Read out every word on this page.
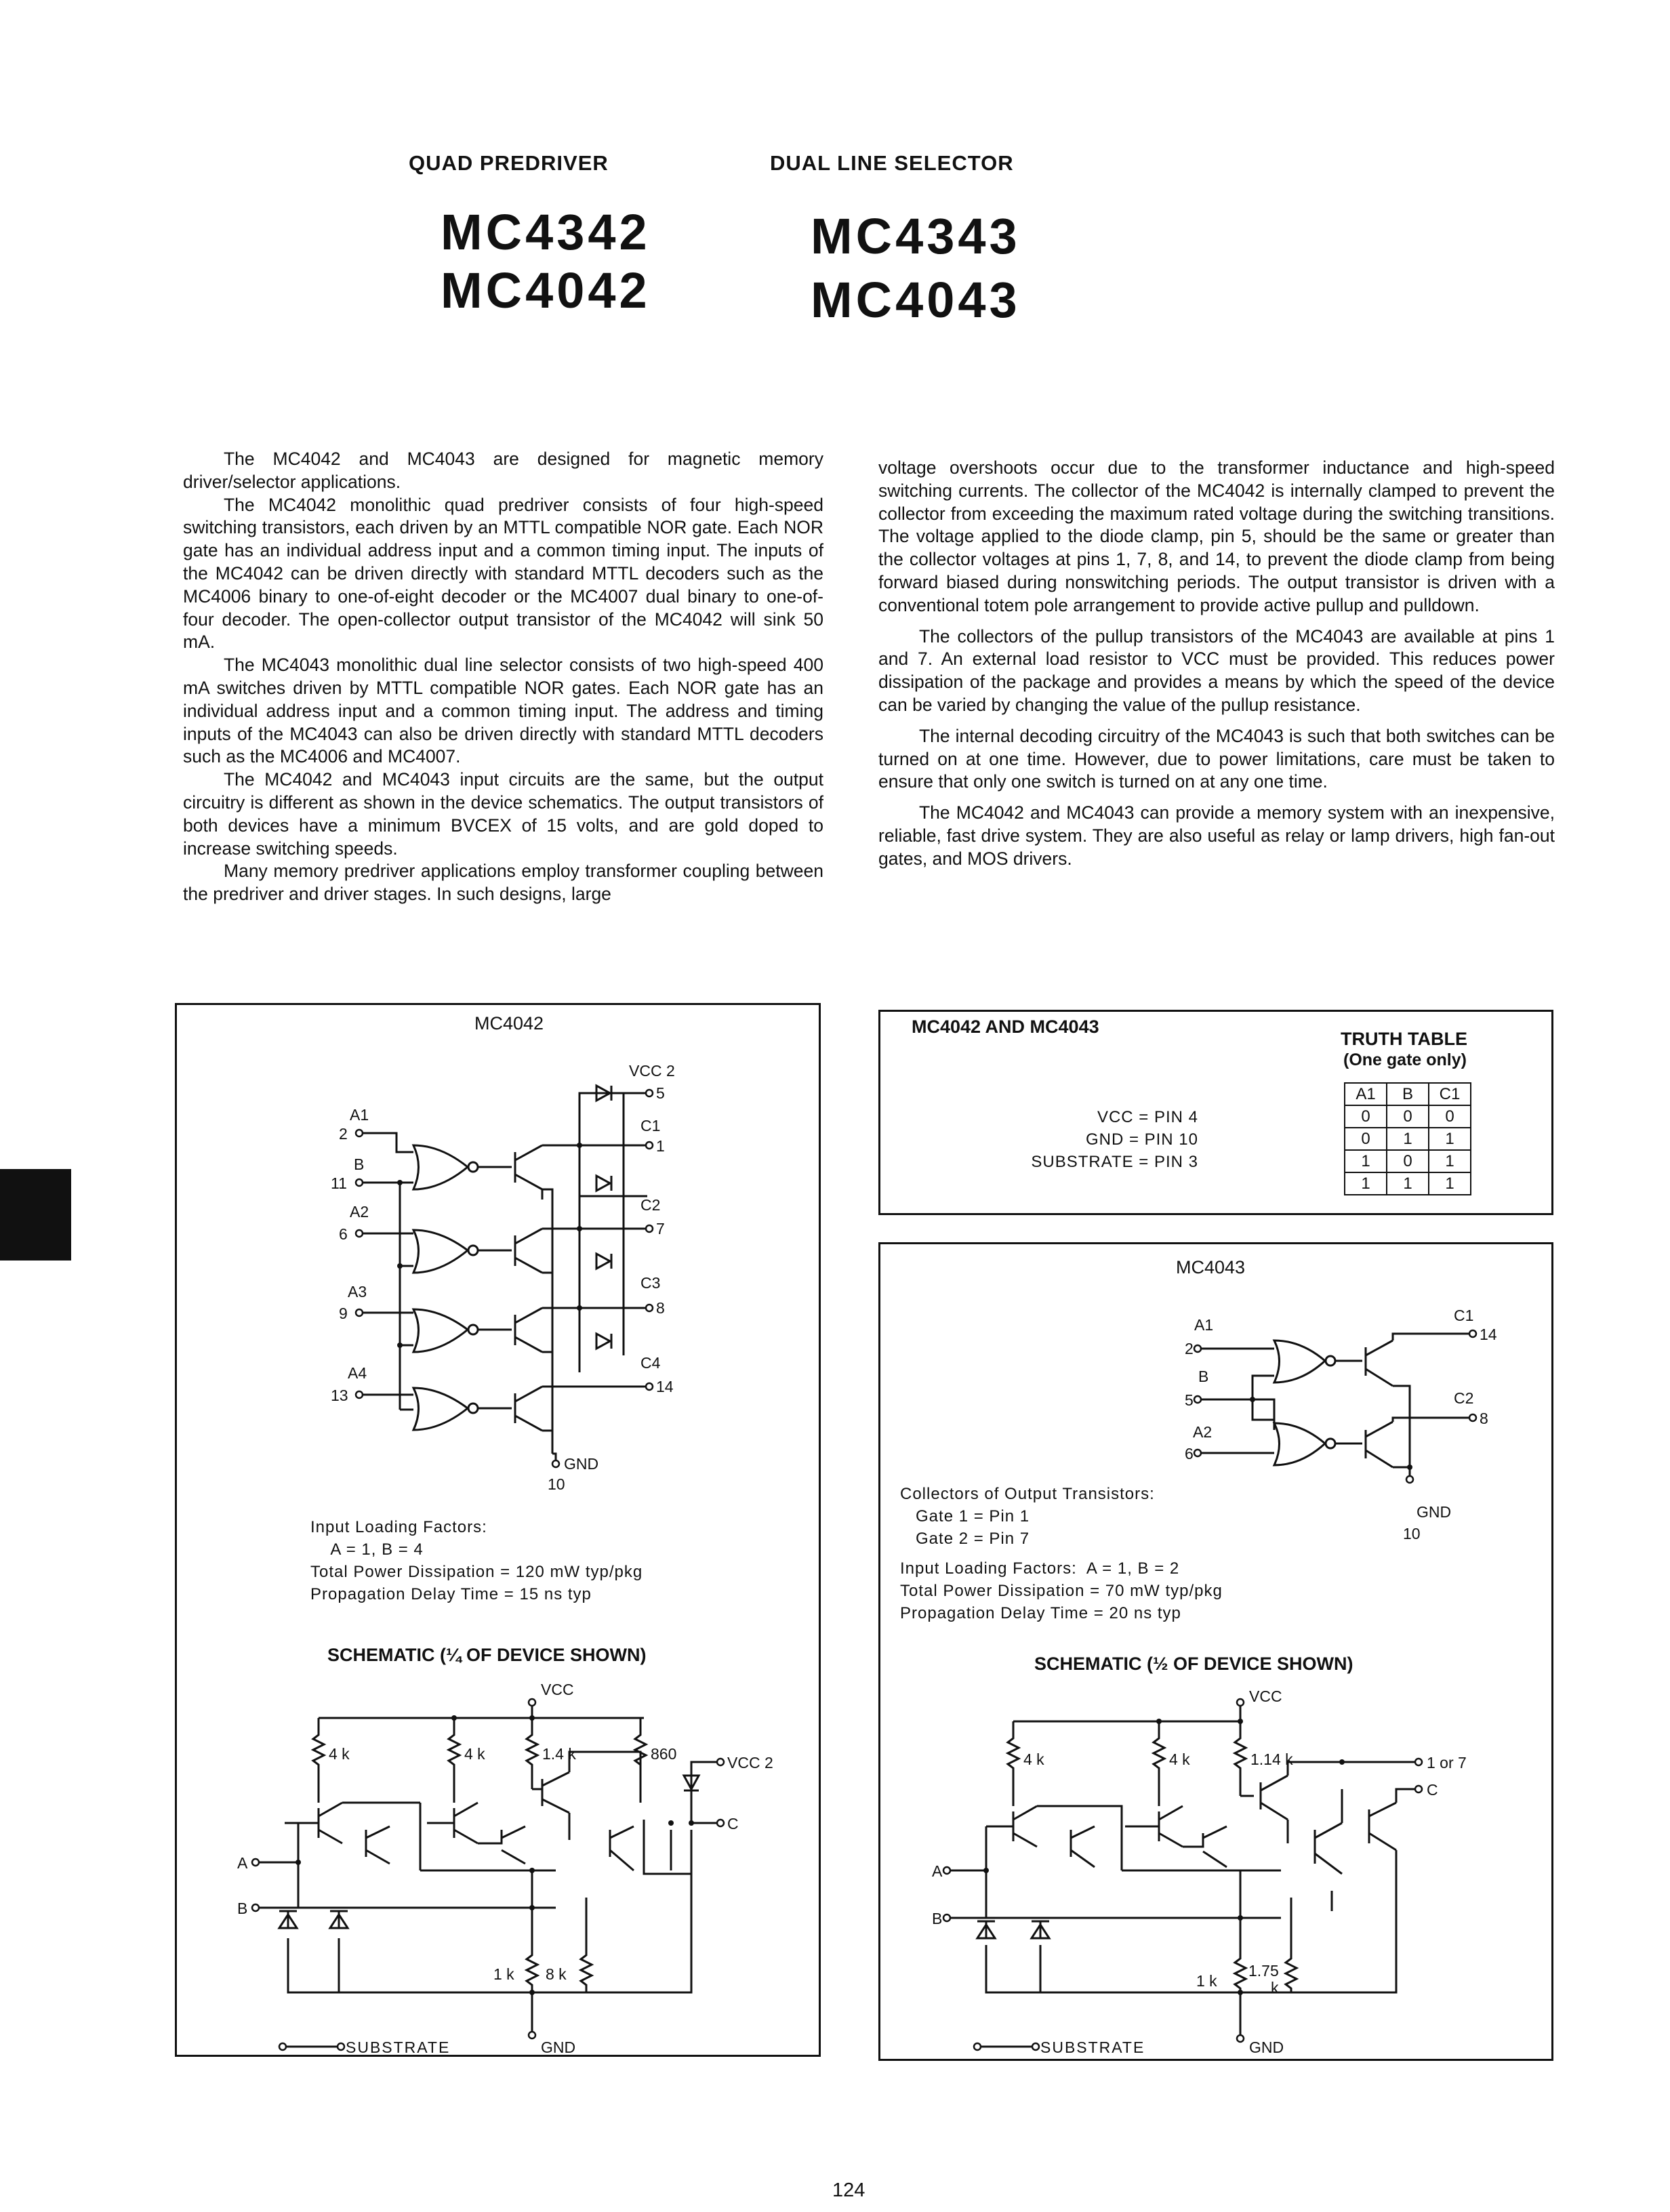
QUAD PREDRIVER	DUAL LINE SELECTOR
MC4342
MC4042
MC4343
MC4043

The MC4042 and MC4043 are designed for magnetic memory driver/selector applications.

The MC4042 monolithic quad predriver consists of four high-speed switching transistors, each driven by an MTTL compatible NOR gate. Each NOR gate has an individual address input and a common timing input. The inputs of the MC4042 can be driven directly with standard MTTL decoders such as the MC4006 binary to one-of-eight decoder or the MC4007 dual binary to one-of-four decoder. The open-collector output transistor of the MC4042 will sink 50 mA.

The MC4043 monolithic dual line selector consists of two high-speed 400 mA switches driven by MTTL compatible NOR gates. Each NOR gate has an individual address input and a common timing input. The address and timing inputs of the MC4043 can also be driven directly with standard MTTL decoders such as the MC4006 and MC4007.

The MC4042 and MC4043 input circuits are the same, but the output circuitry is different as shown in the device schematics. The output transistors of both devices have a minimum BVCEX of 15 volts, and are gold doped to increase switching speeds.

Many memory predriver applications employ transformer coupling between the predriver and driver stages. In such designs, large

voltage overshoots occur due to the transformer inductance and high-speed switching currents. The collector of the MC4042 is internally clamped to prevent the collector from exceeding the maximum rated voltage during the switching transitions. The voltage applied to the diode clamp, pin 5, should be the same or greater than the collector voltages at pins 1, 7, 8, and 14, to prevent the diode clamp from being forward biased during nonswitching periods. The output transistor is driven with a conventional totem pole arrangement to provide active pullup and pulldown.

The collectors of the pullup transistors of the MC4043 are available at pins 1 and 7. An external load resistor to VCC must be provided. This reduces power dissipation of the package and provides a means by which the speed of the device can be varied by changing the value of the pullup resistance.

The internal decoding circuitry of the MC4043 is such that both switches can be turned on at one time. However, due to power limitations, care must be taken to ensure that only one switch is turned on at any one time.

The MC4042 and MC4043 can provide a memory system with an inexpensive, reliable, fast drive system. They are also useful as relay or lamp drivers, high fan-out gates, and MOS drivers.

MC4042	MC4042 AND MC4043
VCC = PIN 4
GND = PIN 10
SUBSTRATE = PIN 3
TRUTH TABLE
(One gate only)
A1	B	C1
0	0	0
0	1	1
1	0	1
1	1	1
MC4043
VCC 2
A1
2
B
11
A2
6
A3
9
A4
13
5
C1
1
C2
7
C3
8
C4
14
GND
10
Input Loading Factors:
A = 1, B = 4
Total Power Dissipation = 120 mW typ/pkg
Propagation Delay Time = 15 ns typ
SCHEMATIC (¼ OF DEVICE SHOWN)
VCC
4 k	4 k	1.4 k	860	VCC 2
A
B
C
1 k 8 k
SUBSTRATE	GND
A1
2
B
5
A2
6
C1
14
C2
8
GND
10
Collectors of Output Transistors:
Gate 1 = Pin 1
Gate 2 = Pin 7
Input Loading Factors:  A = 1, B = 2
Total Power Dissipation = 70 mW typ/pkg
Propagation Delay Time = 20 ns typ
SCHEMATIC (½ OF DEVICE SHOWN)
VCC
4 k	4 k	1.14 k	1 or 7
A
B
C
1 k
1.75
k
SUBSTRATE	GND
124
